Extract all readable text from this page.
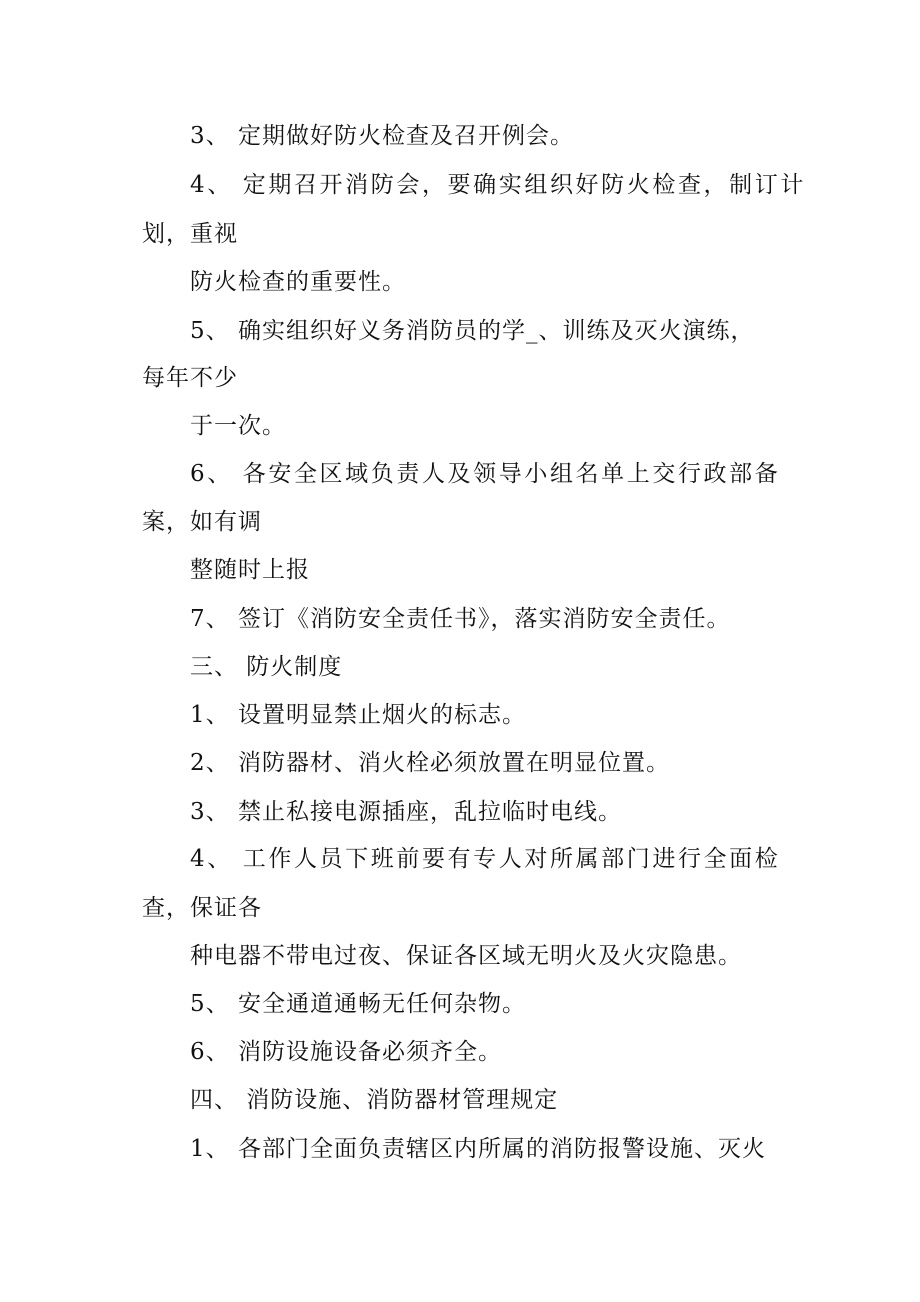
3、 定期做好防火检查及召开例会。
4、 定期召开消防会，要确实组织好防火检查，制订计
划，重视
防火检查的重要性。
5、 确实组织好义务消防员的学_、训练及灭火演练，
每年不少
于一次。
6、 各安全区域负责人及领导小组名单上交行政部备
案，如有调
整随时上报
7、 签订《消防安全责任书》，落实消防安全责任。
三、 防火制度
1、 设置明显禁止烟火的标志。
2、 消防器材、消火栓必须放置在明显位置。
3、 禁止私接电源插座，乱拉临时电线。
4、 工作人员下班前要有专人对所属部门进行全面检
查，保证各
种电器不带电过夜、保证各区域无明火及火灾隐患。
5、 安全通道通畅无任何杂物。
6、 消防设施设备必须齐全。
四、 消防设施、消防器材管理规定
1、 各部门全面负责辖区内所属的消防报警设施、灭火
